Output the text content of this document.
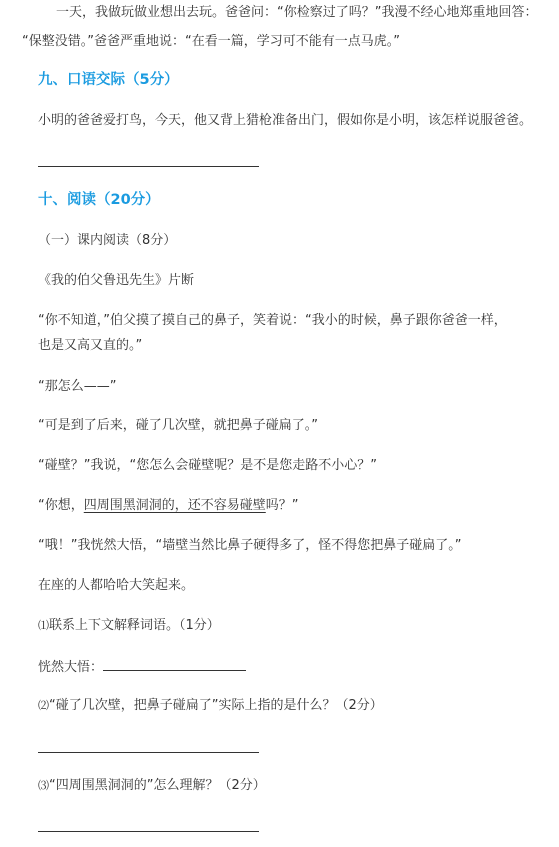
一天，我做玩做业想出去玩。爸爸问：“你检察过了吗？”我漫不经心地郑重地回答：
“保整没错。”爸爸严重地说：“在看一篇，学习可不能有一点马虎。”
九、口语交际（5分）
小明的爸爸爱打鸟，今天，他又背上猎枪准备出门，假如你是小明，该怎样说服爸爸。
十、阅读（20分）
（一）课内阅读（8分）
《我的伯父鲁迅先生》片断
“你不知道，”伯父摸了摸自己的鼻子，笑着说：“我小的时候，鼻子跟你爸爸一样，
也是又高又直的。”
“那怎么——”
“可是到了后来，碰了几次壁，就把鼻子碰扁了。”
“碰壁？”我说，“您怎么会碰壁呢？是不是您走路不小心？”
“你想，四周围黑洞洞的，还不容易碰壁吗？”
“哦！”我恍然大悟，“墙壁当然比鼻子硬得多了，怪不得您把鼻子碰扁了。”
在座的人都哈哈大笑起来。
⑴联系上下文解释词语。（1分）
恍然大悟：
⑵“碰了几次壁，把鼻子碰扁了”实际上指的是什么？（2分）
⑶“四周围黑洞洞的”怎么理解？（2分）
